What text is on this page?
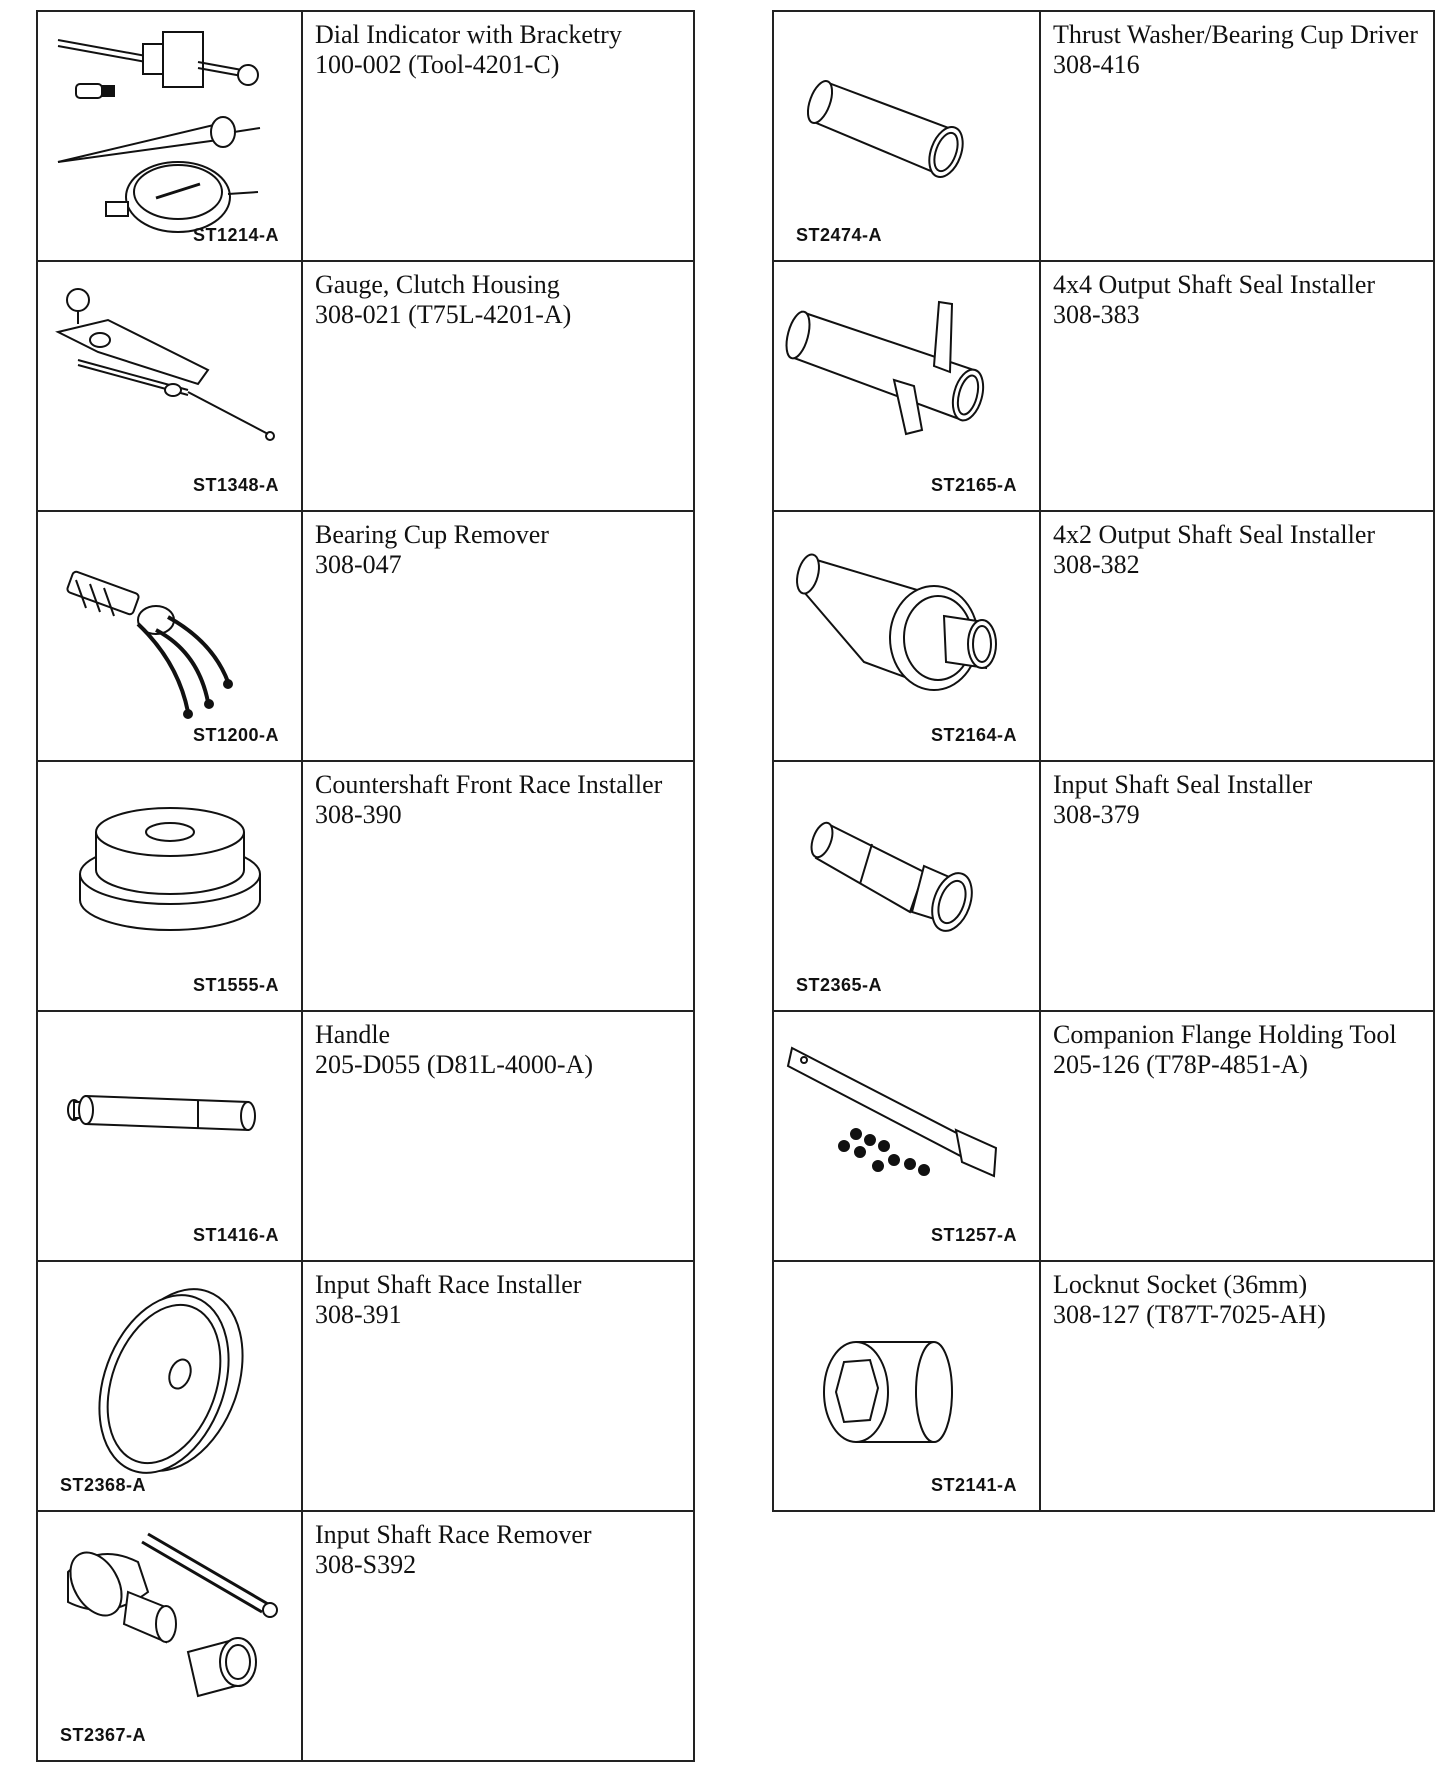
ST1214-A	Dial Indicator with Bracketry
100-002 (Tool-4201-C)

ST1348-A	Gauge, Clutch Housing
308-021 (T75L-4201-A)

ST1200-A	Bearing Cup Remover
308-047

ST1555-A	Countershaft Front Race Installer
308-390

ST1416-A	Handle
205-D055 (D81L-4000-A)

ST2368-A	Input Shaft Race Installer
308-391

ST2367-A	Input Shaft Race Remover
308-S392
ST2474-A	Thrust Washer/Bearing Cup Driver
308-416

ST2165-A	4x4 Output Shaft Seal Installer
308-383

ST2164-A	4x2 Output Shaft Seal Installer
308-382

ST2365-A	Input Shaft Seal Installer
308-379

ST1257-A	Companion Flange Holding Tool
205-126 (T78P-4851-A)

ST2141-A	Locknut Socket (36mm)
308-127 (T87T-7025-AH)
